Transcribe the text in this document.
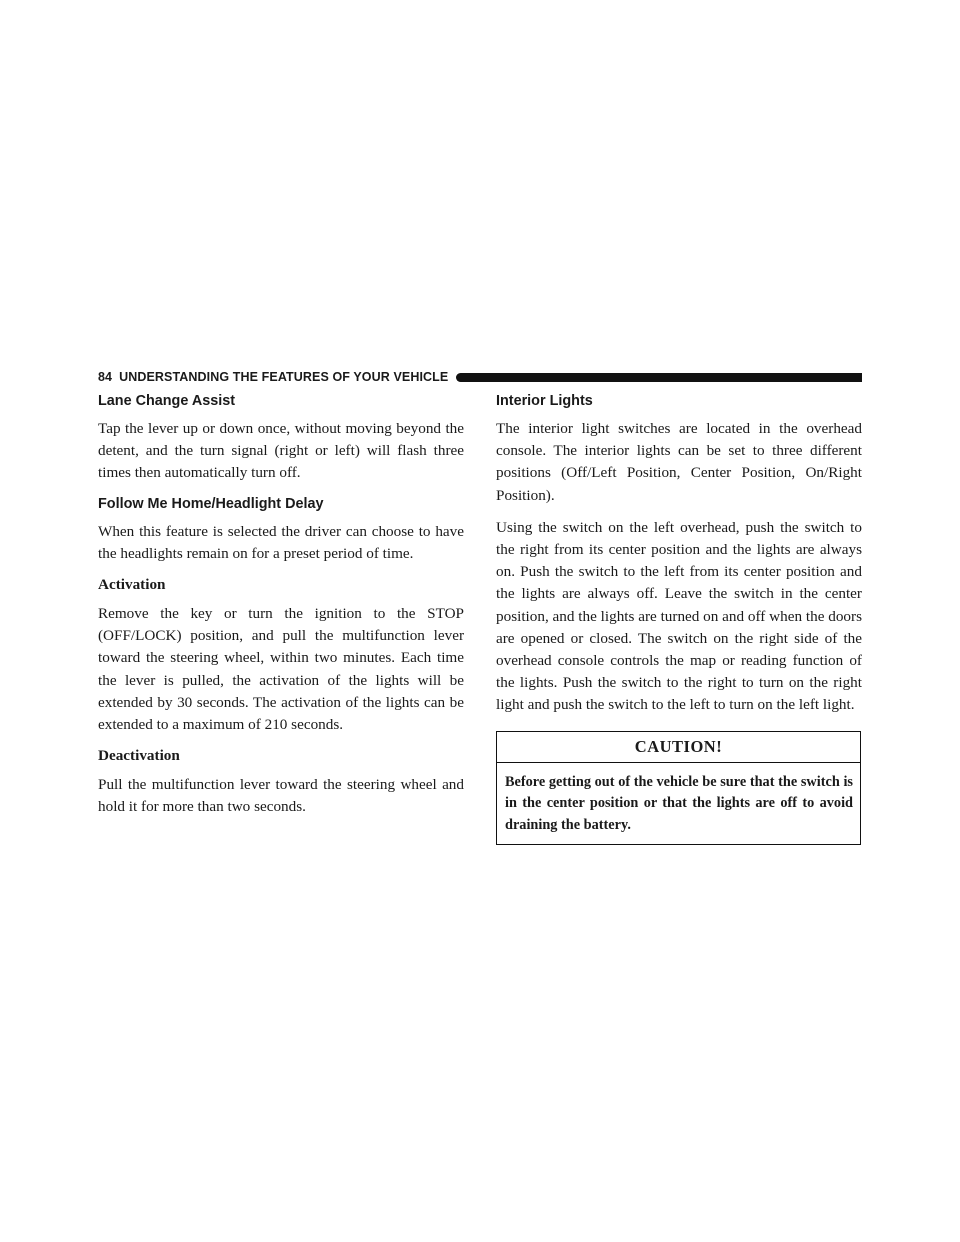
84 UNDERSTANDING THE FEATURES OF YOUR VEHICLE
Lane Change Assist

Tap the lever up or down once, without moving beyond the detent, and the turn signal (right or left) will flash three times then automatically turn off.

Follow Me Home/Headlight Delay

When this feature is selected the driver can choose to have the headlights remain on for a preset period of time.

Activation

Remove the key or turn the ignition to the STOP (OFF/LOCK) position, and pull the multifunction lever toward the steering wheel, within two minutes. Each time the lever is pulled, the activation of the lights will be extended by 30 seconds. The activation of the lights can be extended to a maximum of 210 seconds.

Deactivation

Pull the multifunction lever toward the steering wheel and hold it for more than two seconds.

Interior Lights

The interior light switches are located in the overhead console. The interior lights can be set to three different positions (Off/Left Position, Center Position, On/Right Position).

Using the switch on the left overhead, push the switch to the right from its center position and the lights are always on. Push the switch to the left from its center position and the lights are always off. Leave the switch in the center position, and the lights are turned on and off when the doors are opened or closed. The switch on the right side of the overhead console controls the map or reading function of the lights. Push the switch to the right to turn on the right light and push the switch to the left to turn on the left light.

CAUTION!
Before getting out of the vehicle be sure that the switch is in the center position or that the lights are off to avoid draining the battery.
